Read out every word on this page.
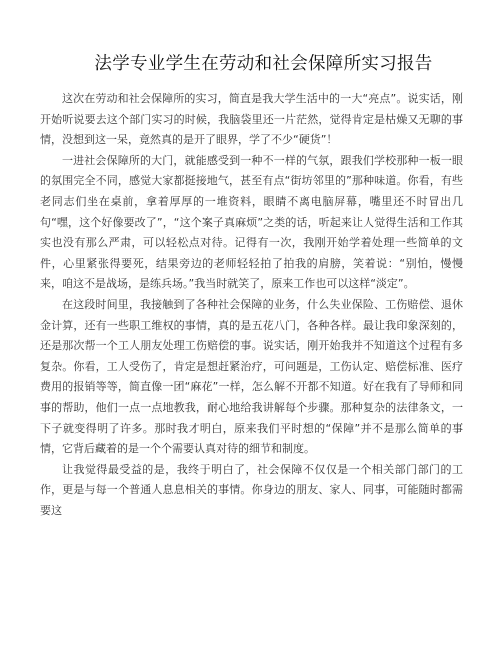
法学专业学生在劳动和社会保障所实习报告

这次在劳动和社会保障所的实习，简直是我大学生活中的一大“亮点”。说实话，刚开始听说要去这个部门实习的时候，我脑袋里还一片茫然，觉得肯定是枯燥又无聊的事情，没想到这一呆，竟然真的是开了眼界，学了不少“硬货”！

一进社会保障所的大门，就能感受到一种不一样的气氛，跟我们学校那种一板一眼的氛围完全不同，感觉大家都挺接地气，甚至有点“街坊邻里的”那种味道。你看，有些老同志们坐在桌前，拿着厚厚的一堆资料，眼睛不离电脑屏幕，嘴里还不时冒出几句“嘿，这个好像要改了”，“这个案子真麻烦”之类的话，听起来让人觉得生活和工作其实也没有那么严肃，可以轻松点对待。记得有一次，我刚开始学着处理一些简单的文件，心里紧张得要死，结果旁边的老师轻轻拍了拍我的肩膀，笑着说：“别怕，慢慢来，咱这不是战场，是练兵场。”我当时就笑了，原来工作也可以这样“淡定”。

在这段时间里，我接触到了各种社会保障的业务，什么失业保险、工伤赔偿、退休金计算，还有一些职工维权的事情，真的是五花八门，各种各样。最让我印象深刻的，还是那次帮一个工人朋友处理工伤赔偿的事。说实话，刚开始我并不知道这个过程有多复杂。你看，工人受伤了，肯定是想赶紧治疗，可问题是，工伤认定、赔偿标准、医疗费用的报销等等，简直像一团“麻花”一样，怎么解不开都不知道。好在我有了导师和同事的帮助，他们一点一点地教我，耐心地给我讲解每个步骤。那种复杂的法律条文，一下子就变得明了许多。那时我才明白，原来我们平时想的“保障”并不是那么简单的事情，它背后藏着的是一个个需要认真对待的细节和制度。

让我觉得最受益的是，我终于明白了，社会保障不仅仅是一个相关部门部门的工作，更是与每一个普通人息息相关的事情。你身边的朋友、家人、同事，可能随时都需要这
